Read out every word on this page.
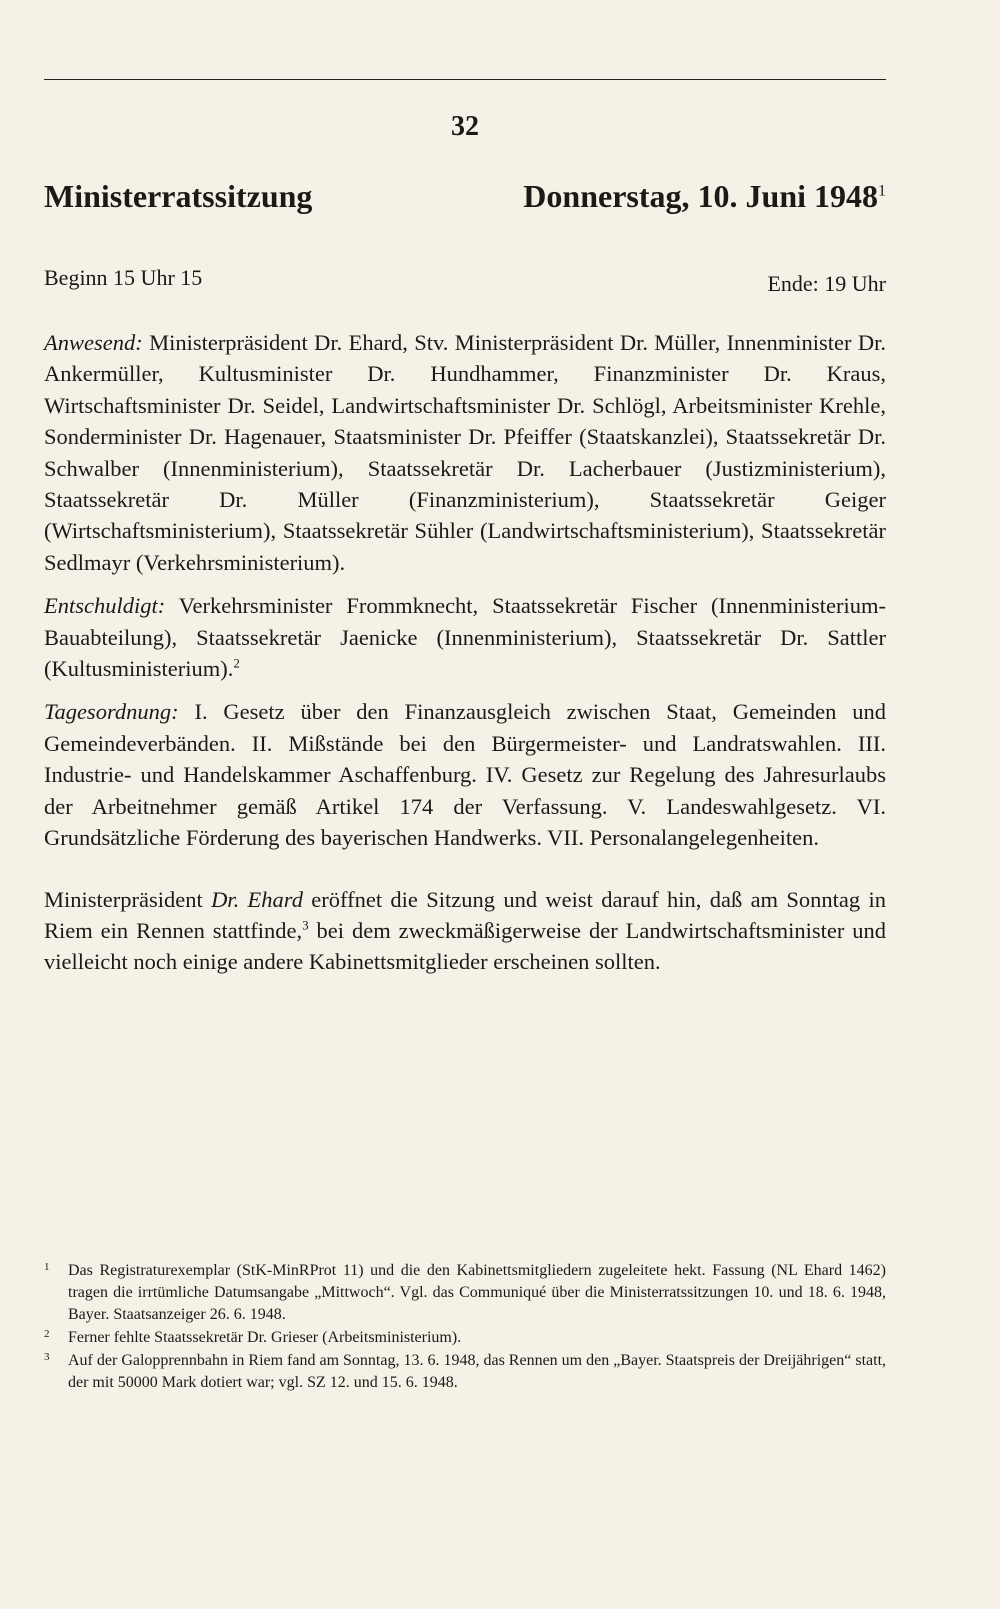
32
Ministerratssitzung	Donnerstag, 10. Juni 1948$^1$
Beginn 15 Uhr 15	Ende: 19 Uhr

Anwesend: Ministerpräsident Dr. Ehard, Stv. Ministerpräsident Dr. Müller, Innenminister Dr. Ankermüller, Kultusminister Dr. Hundhammer, Finanzminister Dr. Kraus, Wirtschaftsminister Dr. Seidel, Landwirtschaftsminister Dr. Schlögl, Arbeitsminister Krehle, Sonderminister Dr. Hagenauer, Staatsminister Dr. Pfeiffer (Staatskanzlei), Staatssekretär Dr. Schwalber (Innenministerium), Staatssekretär Dr. Lacherbauer (Justizministerium), Staatssekretär Dr. Müller (Finanzministerium), Staatssekretär Geiger (Wirtschaftsministerium), Staatssekretär Sühler (Landwirtschaftsministerium), Staatssekretär Sedlmayr (Verkehrsministerium).

Entschuldigt: Verkehrsminister Frommknecht, Staatssekretär Fischer (Innenministerium-Bauabteilung), Staatssekretär Jaenicke (Innenministerium), Staatssekretär Dr. Sattler (Kultusministerium).$^2$

Tagesordnung: I. Gesetz über den Finanzausgleich zwischen Staat, Gemeinden und Gemeindeverbänden. II. Mißstände bei den Bürgermeister- und Landratswahlen. III. Industrie- und Handelskammer Aschaffenburg. IV. Gesetz zur Regelung des Jahresurlaubs der Arbeitnehmer gemäß Artikel 174 der Verfassung. V. Landeswahlgesetz. VI. Grundsätzliche Förderung des bayerischen Handwerks. VII. Personalangelegenheiten.

Ministerpräsident Dr. Ehard eröffnet die Sitzung und weist darauf hin, daß am Sonntag in Riem ein Rennen stattfinde,$^3$ bei dem zweckmäßigerweise der Landwirtschaftsminister und vielleicht noch einige andere Kabinettsmitglieder erscheinen sollten.

1 Das Registraturexemplar (StK-MinRProt 11) und die den Kabinettsmitgliedern zugeleitete hekt. Fassung (NL Ehard 1462) tragen die irrtümliche Datumsangabe „Mittwoch“. Vgl. das Communiqué über die Ministerratssitzungen 10. und 18. 6. 1948, Bayer. Staatsanzeiger 26. 6. 1948.
2 Ferner fehlte Staatssekretär Dr. Grieser (Arbeitsministerium).
3 Auf der Galopprennbahn in Riem fand am Sonntag, 13. 6. 1948, das Rennen um den „Bayer. Staatspreis der Dreijährigen“ statt, der mit 50000 Mark dotiert war; vgl. SZ 12. und 15. 6. 1948.
